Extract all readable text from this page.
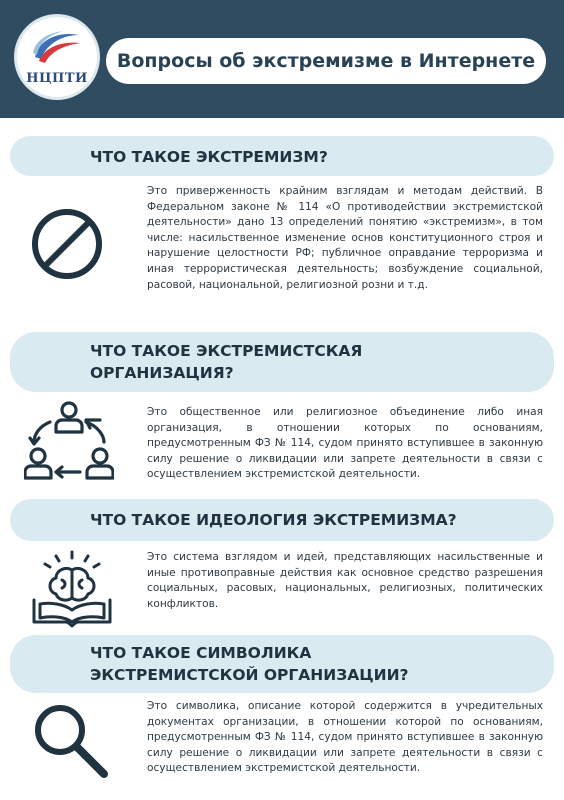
НЦПТИ
Вопросы об экстремизме в Интернете
ЧТО ТАКОЕ ЭКСТРЕМИЗМ?
Это приверженность крайним взглядам и методам действий. В Федеральном законе № 114 «О противодействии экстремистской деятельности» дано 13 определений понятию «экстремизм», в том числе: насильственное изменение основ конституционного строя и нарушение целостности РФ; публичное оправдание терроризма и иная террористическая деятельность; возбуждение социальной, расовой, национальной, религиозной розни и т.д.
ЧТО ТАКОЕ ЭКСТРЕМИСТСКАЯ ОРГАНИЗАЦИЯ?
Это общественное или религиозное объединение либо иная организация, в отношении которых по основаниям, предусмотренным ФЗ № 114, судом принято вступившее в законную силу решение о ликвидации или запрете деятельности в связи с осуществлением экстремистской деятельности.
ЧТО ТАКОЕ ИДЕОЛОГИЯ ЭКСТРЕМИЗМА?
Это система взглядом и идей, представляющих насильственные и иные противоправные действия как основное средство разрешения социальных, расовых, национальных, религиозных, политических конфликтов.
ЧТО ТАКОЕ СИМВОЛИКА ЭКСТРЕМИСТСКОЙ ОРГАНИЗАЦИИ?
Это символика, описание которой содержится в учредительных документах организации, в отношении которой по основаниям, предусмотренным ФЗ № 114, судом принято вступившее в законную силу решение о ликвидации или запрете деятельности в связи с осуществлением экстремистской деятельности.
